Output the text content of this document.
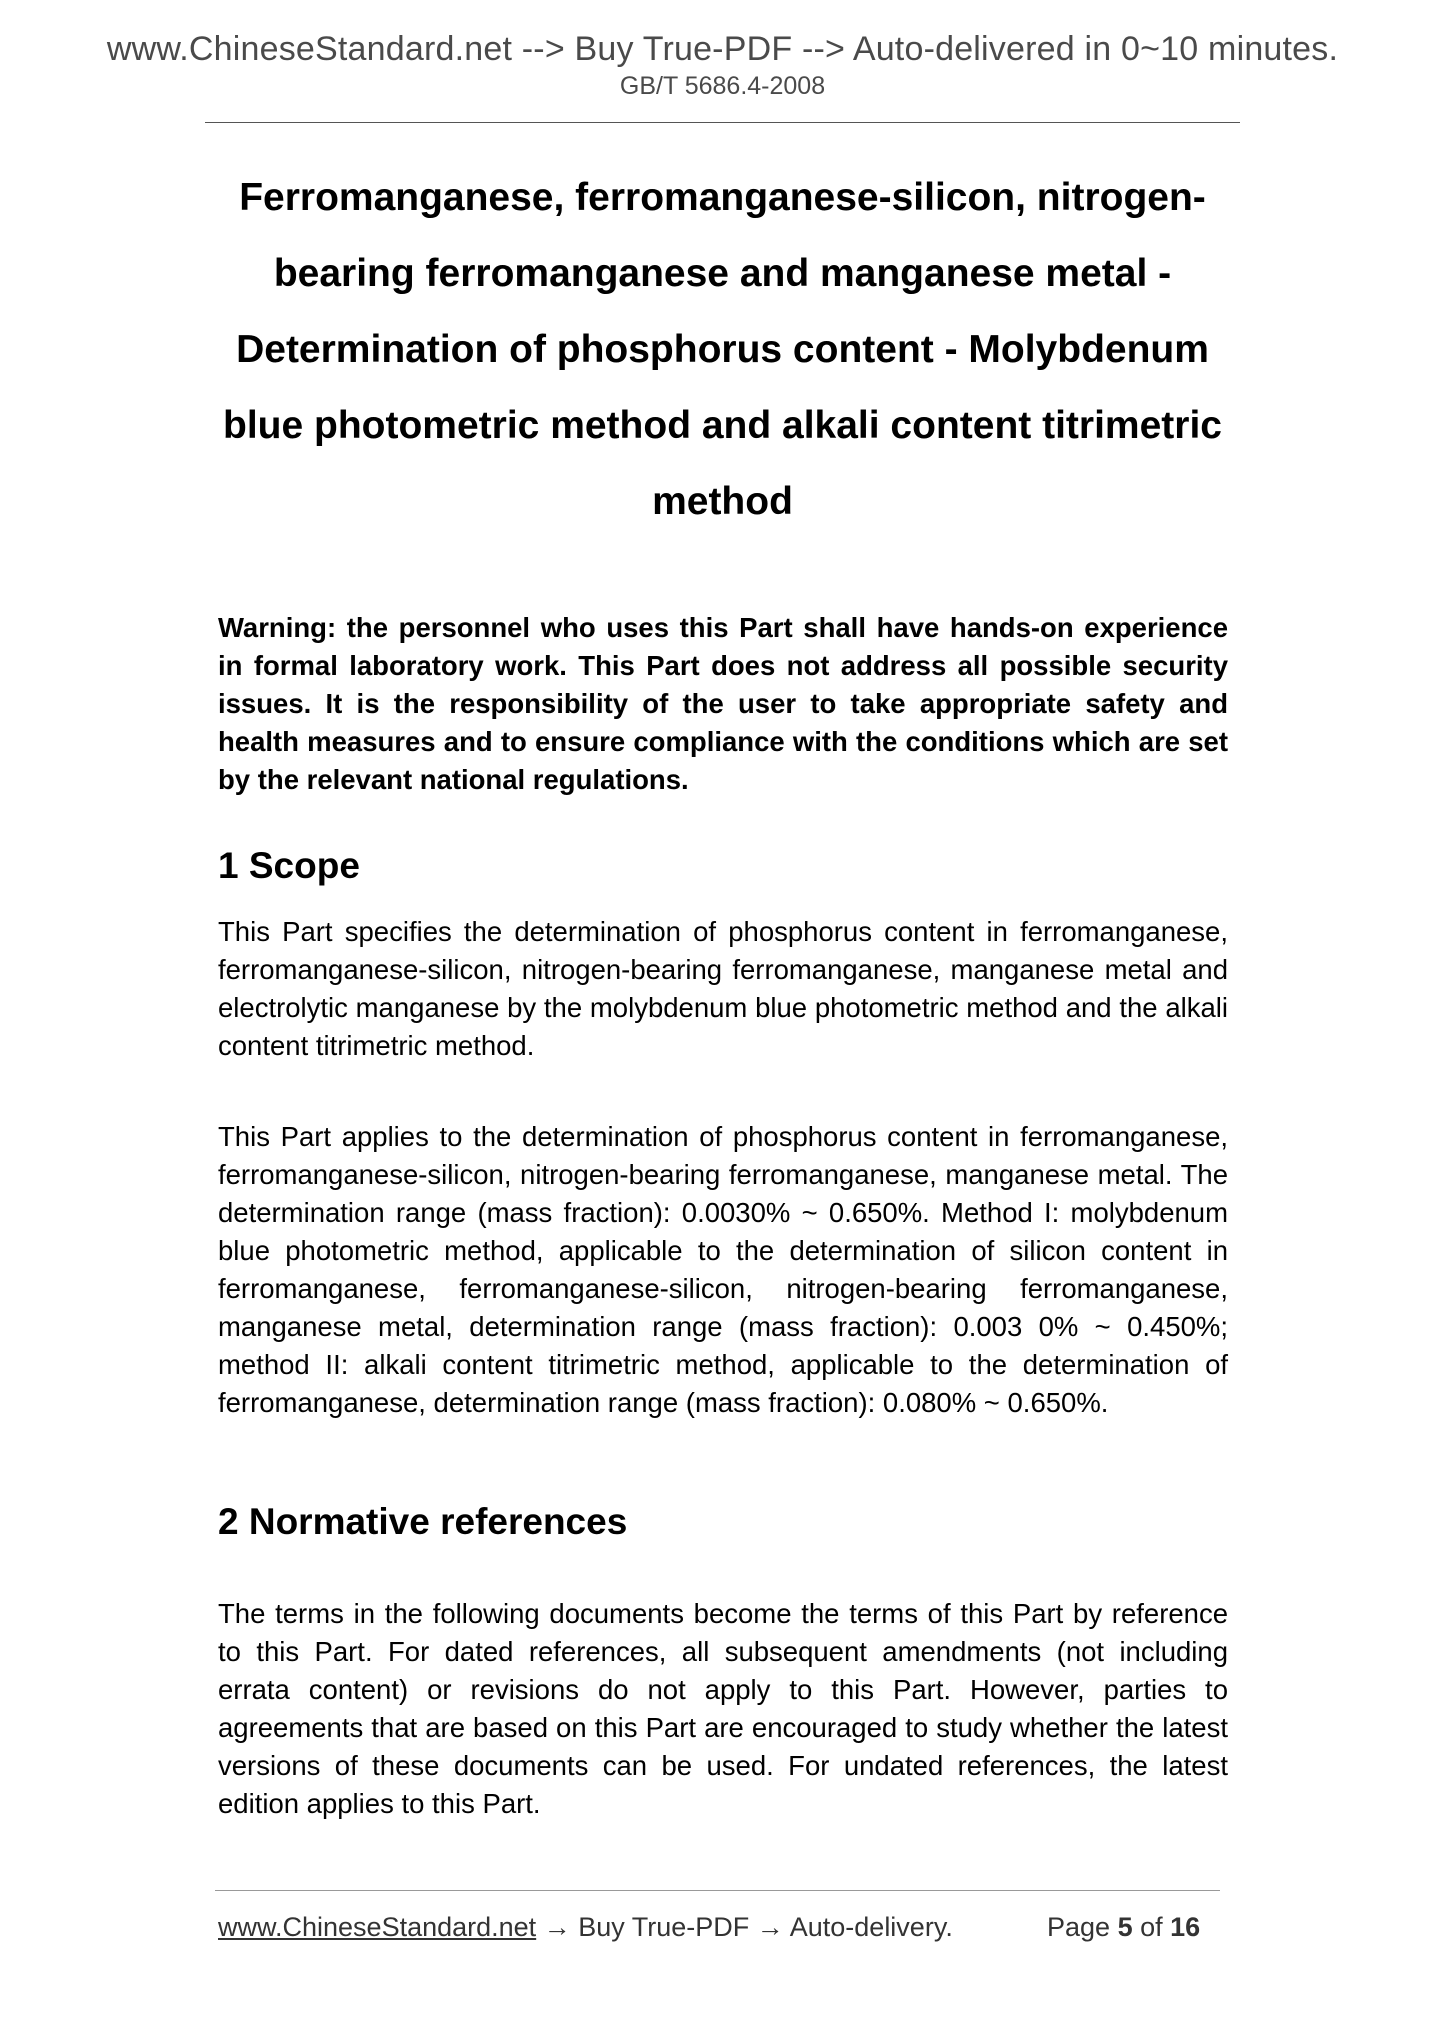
www.ChineseStandard.net --> Buy True-PDF --> Auto-delivered in 0~10 minutes.
GB/T 5686.4-2008
Ferromanganese, ferromanganese-silicon, nitrogen-
bearing ferromanganese and manganese metal -
Determination of phosphorus content - Molybdenum
blue photometric method and alkali content titrimetric
method
Warning: the personnel who uses this Part shall have hands-on experience in formal laboratory work. This Part does not address all possible security issues. It is the responsibility of the user to take appropriate safety and health measures and to ensure compliance with the conditions which are set by the relevant national regulations.
1 Scope
This Part specifies the determination of phosphorus content in ferromanganese, ferromanganese-silicon, nitrogen-bearing ferromanganese, manganese metal and electrolytic manganese by the molybdenum blue photometric method and the alkali content titrimetric method.
This Part applies to the determination of phosphorus content in ferromanganese, ferromanganese-silicon, nitrogen-bearing ferromanganese, manganese metal. The determination range (mass fraction): 0.0030% ~ 0.650%. Method I: molybdenum blue photometric method, applicable to the determination of silicon content in ferromanganese, ferromanganese-silicon, nitrogen-bearing ferromanganese, manganese metal, determination range (mass fraction): 0.003 0% ~ 0.450%; method II: alkali content titrimetric method, applicable to the determination of ferromanganese, determination range (mass fraction): 0.080% ~ 0.650%.
2 Normative references
The terms in the following documents become the terms of this Part by reference to this Part. For dated references, all subsequent amendments (not including errata content) or revisions do not apply to this Part. However, parties to agreements that are based on this Part are encouraged to study whether the latest versions of these documents can be used. For undated references, the latest edition applies to this Part.
www.ChineseStandard.net → Buy True-PDF → Auto-delivery.	Page 5 of 16
